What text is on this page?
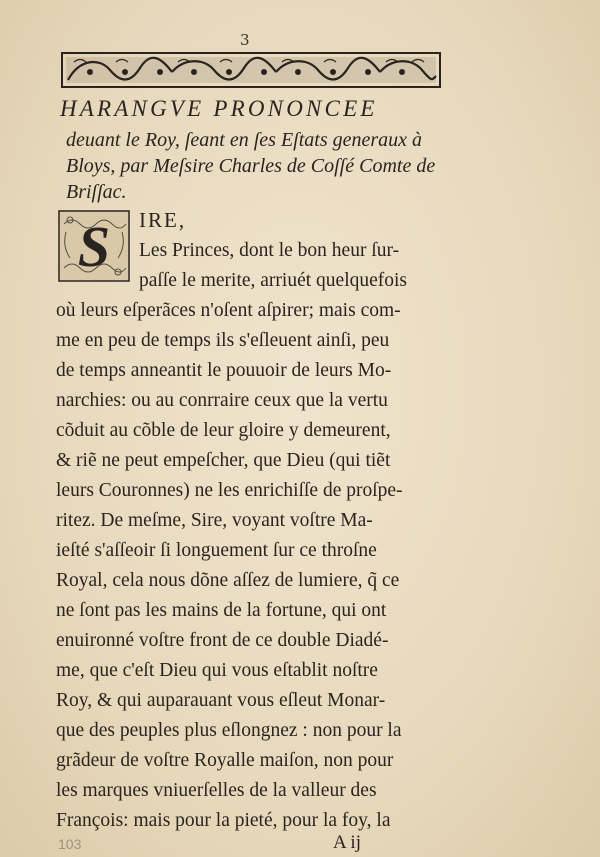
3
HARANGVE PRONONCEE
deuant le Roy, ſeant en ſes Eſtats generaux à
Bloys, par Meſsire Charles de Coſſé Comte de
Briſſac.
S IRE,
Les Princes, dont le bon heur ſur-
paſſe le merite, arriuét quelquefois
où leurs eſperãces n'oſent aſpirer; mais com-
me en peu de temps ils s'eſleuent ainſi, peu
de temps anneantit le pouuoir de leurs Mo-
narchies: ou au conrraire ceux que la vertu
cõduit au cõble de leur gloire y demeurent,
& riẽ ne peut empeſcher, que Dieu (qui tiẽt
leurs Couronnes) ne les enrichiſſe de proſpe-
ritez. De meſme, Sire, voyant voſtre Ma-
ieſté s'aſſeoir ſi longuement ſur ce throſne
Royal, cela nous dõne aſſez de lumiere, q̃ ce
ne ſont pas les mains de la fortune, qui ont
enuironné voſtre front de ce double Diadé-
me, que c'eſt Dieu qui vous eſtablit noſtre
Roy, & qui auparauant vous eſleut Monar-
que des peuples plus eſlongnez : non pour la
grãdeur de voſtre Royalle maiſon, non pour
les marques vniuerſelles de la valleur des
François: mais pour la pieté, pour la foy, la
A ij
103
